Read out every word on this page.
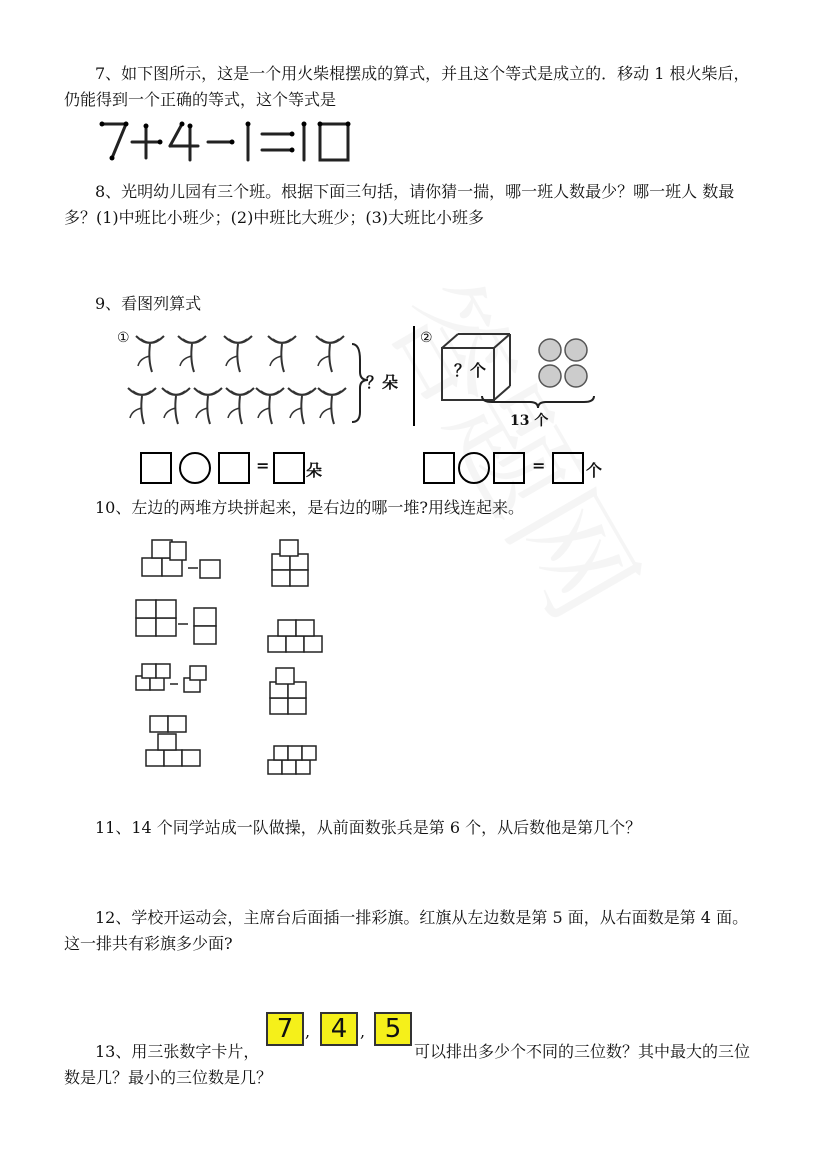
7、如下图所示，这是一个用火柴棍摆成的算式，并且这个等式是成立的．移动 1 根火柴后，
仍能得到一个正确的等式，这个等式是
8、光明幼儿园有三个班。根据下面三句括，请你猜一揣，哪一班人数最少？哪一班人 数最
多？(1)中班比小班少；(2)中班比大班少；(3)大班比小班多
9、看图列算式
①
？朵
②
？个
13 个
= 朵	=	个
10、左边的两堆方块拼起来，是右边的哪一堆?用线连起来。
11、14 个同学站成一队做操，从前面数张兵是第 6 个，从后数他是第几个？
12、学校开运动会，主席台后面插一排彩旗。红旗从左边数是第 5 面，从右面数是第 4 面。
这一排共有彩旗多少面?
13、用三张数字卡片，
7 , 4 , 5
可以排出多少个不同的三位数？其中最大的三位
数是几？最小的三位数是几？
